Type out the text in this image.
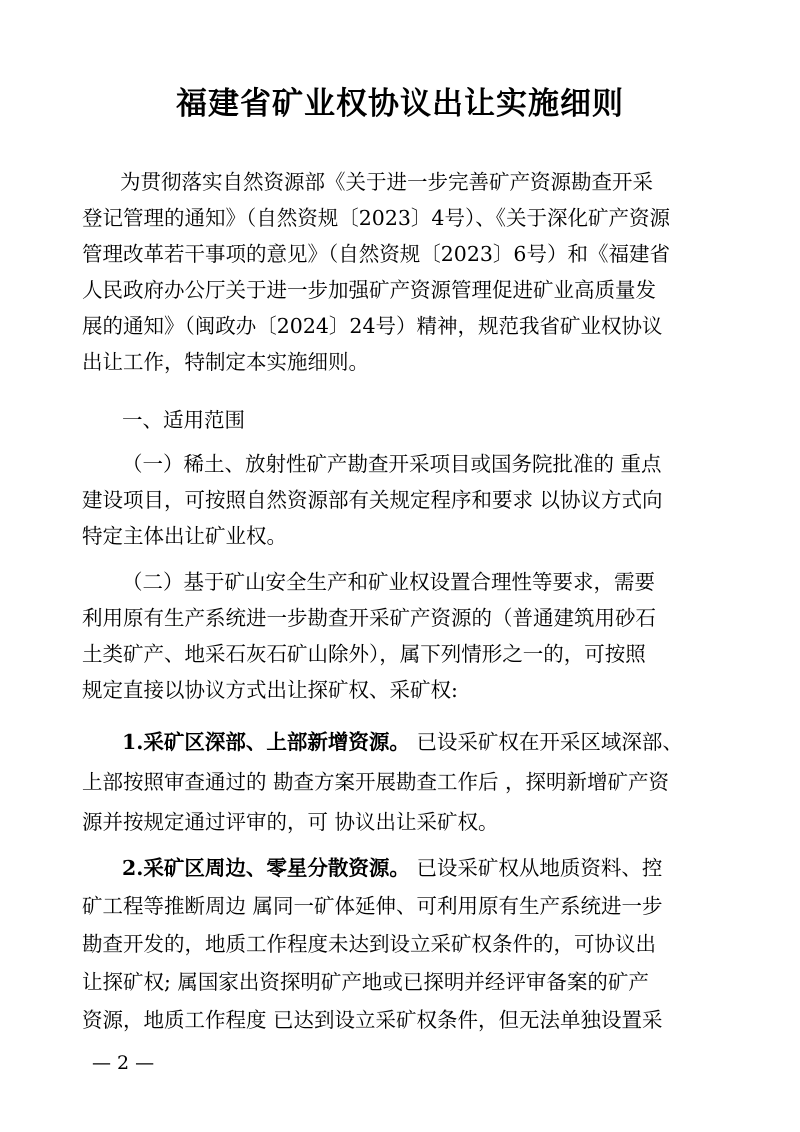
福建省矿业权协议出让实施细则
为贯彻落实自然资源部《关于进一步完善矿产资源勘查开采
登记管理的通知》（自然资规〔2023〕4号）、《关于深化矿产资源
管理改革若干事项的意见》（自然资规〔2023〕6号）和《福建省
人民政府办公厅关于进一步加强矿产资源管理促进矿业高质量发
展的通知》（闽政办〔2024〕24号）精神，规范我省矿业权协议
出让工作，特制定本实施细则。
一、适用范围
（一）稀土、放射性矿产勘查开采项目或国务院批准的 重点
建设项目，可按照自然资源部有关规定程序和要求 以协议方式向
特定主体出让矿业权。
（二）基于矿山安全生产和矿业权设置合理性等要求，需要
利用原有生产系统进一步勘查开采矿产资源的（普通建筑用砂石
土类矿产、地采石灰石矿山除外），属下列情形之一的，可按照
规定直接以协议方式出让探矿权、采矿权:
1.采矿区深部、上部新增资源。 已设采矿权在开采区域深部、
上部按照审查通过的 勘查方案开展勘查工作后 ，探明新增矿产资
源并按规定通过评审的，可 协议出让采矿权。
2.采矿区周边、零星分散资源。 已设采矿权从地质资料、控
矿工程等推断周边 属同一矿体延伸、可利用原有生产系统进一步
勘查开发的，地质工作程度未达到设立采矿权条件的，可协议出
让探矿权; 属国家出资探明矿产地或已探明并经评审备案的矿产
资源，地质工作程度 已达到设立采矿权条件，但无法单独设置采
— 2 —
